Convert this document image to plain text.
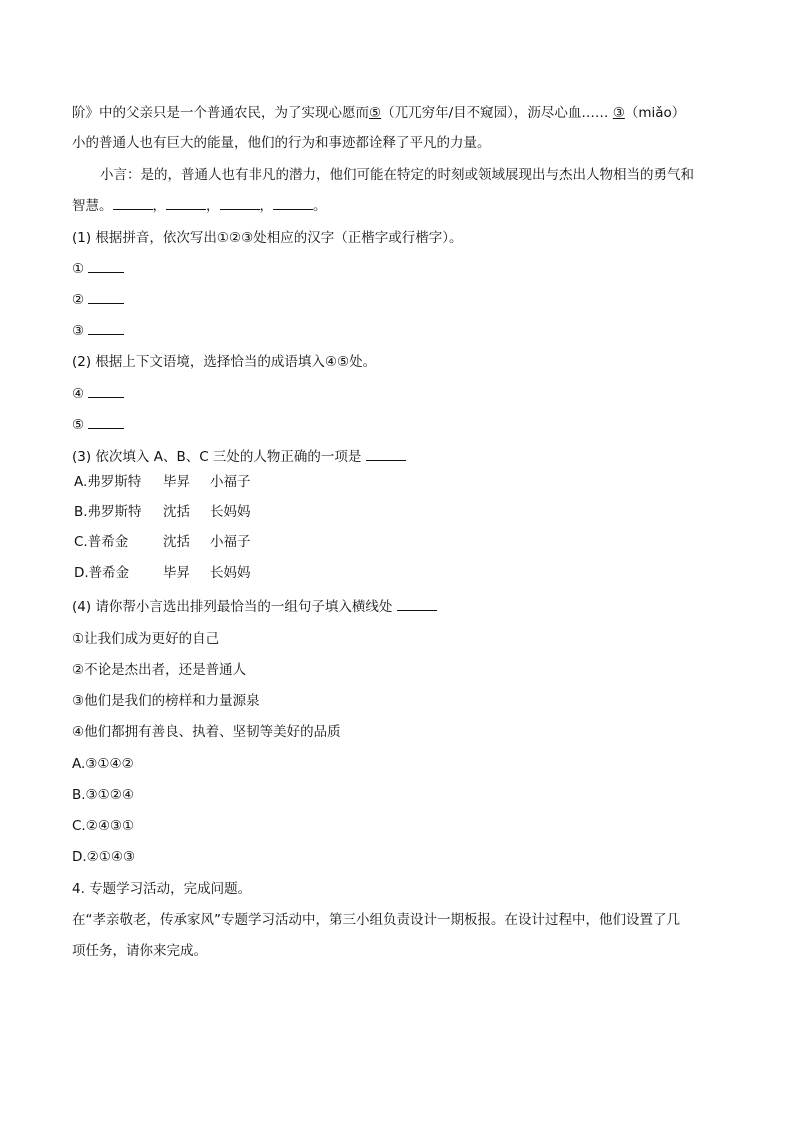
阶》中的父亲只是一个普通农民，为了实现心愿而⑤（兀兀穷年/目不窥园），沥尽心血…… ③（miǎo）
小的普通人也有巨大的能量，他们的行为和事迹都诠释了平凡的力量。
小言：是的，普通人也有非凡的潜力，他们可能在特定的时刻或领域展现出与杰出人物相当的勇气和
智慧。	，	，	，	。
(1) 根据拼音，依次写出①②③处相应的汉字（正楷字或行楷字）。
①
②
③
(2) 根据上下文语境，选择恰当的成语填入④⑤处。
④
⑤
(3) 依次填入 A、B、C 三处的人物正确的一项是
A.弗罗斯特 毕昇 小福子
B.弗罗斯特 沈括 长妈妈
C.普希金	沈括 小福子
D.普希金	毕昇 长妈妈
(4) 请你帮小言选出排列最恰当的一组句子填入横线处
①让我们成为更好的自己
②不论是杰出者，还是普通人
③他们是我们的榜样和力量源泉
④他们都拥有善良、执着、坚韧等美好的品质
A.③①④②
B.③①②④
C.②④③①
D.②①④③
4. 专题学习活动，完成问题。
在“孝亲敬老，传承家风”专题学习活动中，第三小组负责设计一期板报。在设计过程中，他们设置了几
项任务，请你来完成。
